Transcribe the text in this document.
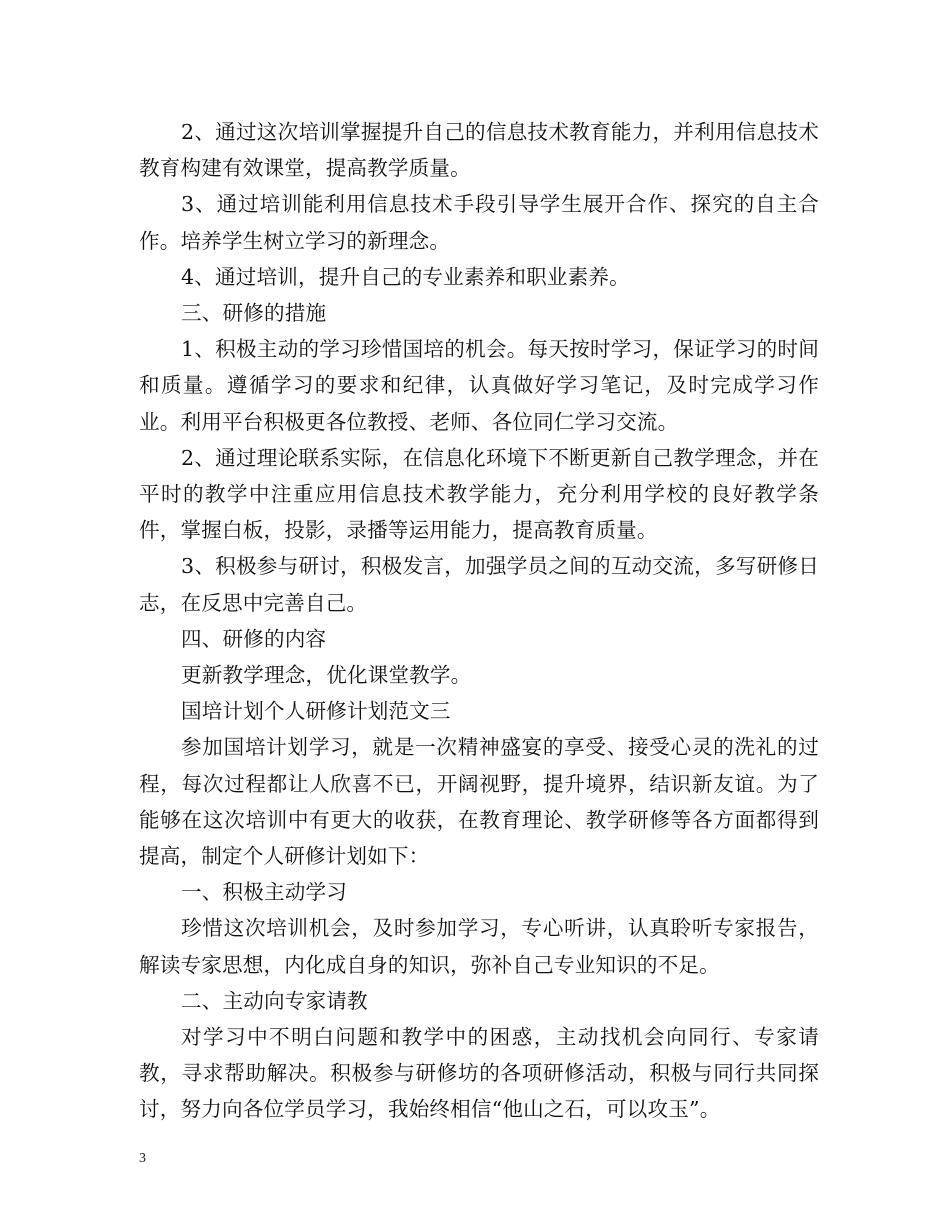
2、通过这次培训掌握提升自己的信息技术教育能力，并利用信息技术教育构建有效课堂，提高教学质量。

3、通过培训能利用信息技术手段引导学生展开合作、探究的自主合作。培养学生树立学习的新理念。

4、通过培训，提升自己的专业素养和职业素养。

三、研修的措施

1、积极主动的学习珍惜国培的机会。每天按时学习，保证学习的时间和质量。遵循学习的要求和纪律，认真做好学习笔记，及时完成学习作业。利用平台积极更各位教授、老师、各位同仁学习交流。

2、通过理论联系实际，在信息化环境下不断更新自己教学理念，并在平时的教学中注重应用信息技术教学能力，充分利用学校的良好教学条件，掌握白板，投影，录播等运用能力，提高教育质量。

3、积极参与研讨，积极发言，加强学员之间的互动交流，多写研修日志，在反思中完善自己。

四、研修的内容

更新教学理念，优化课堂教学。

国培计划个人研修计划范文三

参加国培计划学习，就是一次精神盛宴的享受、接受心灵的洗礼的过程，每次过程都让人欣喜不已，开阔视野，提升境界，结识新友谊。为了能够在这次培训中有更大的收获，在教育理论、教学研修等各方面都得到提高，制定个人研修计划如下：

一、积极主动学习

珍惜这次培训机会，及时参加学习，专心听讲，认真聆听专家报告，解读专家思想，内化成自身的知识，弥补自己专业知识的不足。

二、主动向专家请教

对学习中不明白问题和教学中的困惑，主动找机会向同行、专家请教，寻求帮助解决。积极参与研修坊的各项研修活动，积极与同行共同探讨，努力向各位学员学习，我始终相信“他山之石，可以攻玉”。

3
